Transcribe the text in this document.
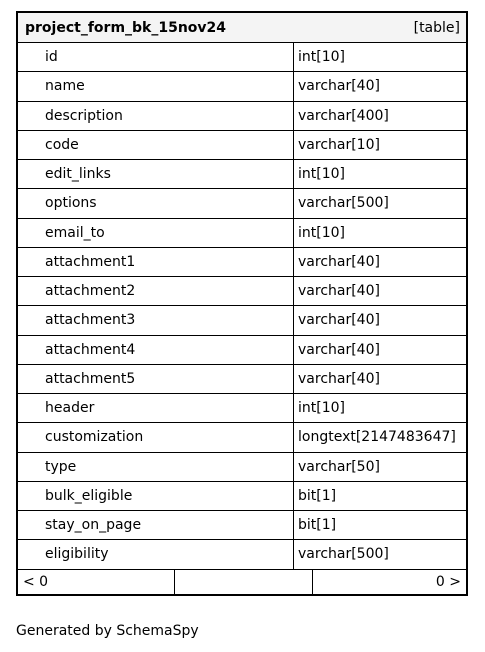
project_form_bk_15nov24	[table]
id	int[10]
name	varchar[40]
description	varchar[400]
code	varchar[10]
edit_links	int[10]
options	varchar[500]
email_to	int[10]
attachment1	varchar[40]
attachment2	varchar[40]
attachment3	varchar[40]
attachment4	varchar[40]
attachment5	varchar[40]
header	int[10]
customization	longtext[2147483647]
type	varchar[50]
bulk_eligible	bit[1]
stay_on_page	bit[1]
eligibility	varchar[500]
< 0	0 >
Generated by SchemaSpy
